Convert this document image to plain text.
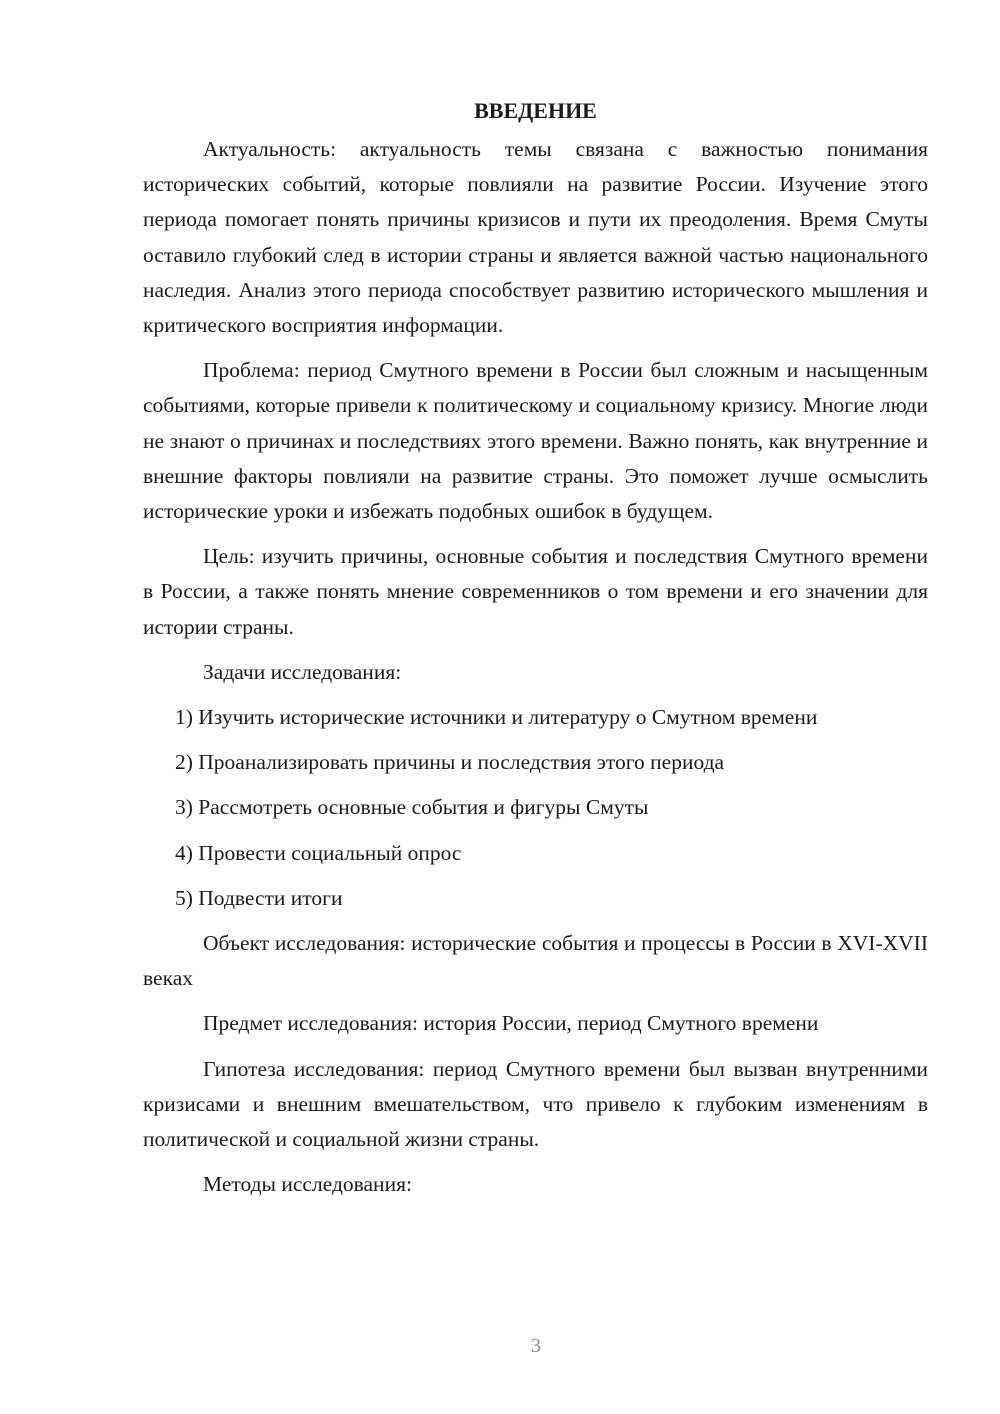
ВВЕДЕНИЕ

Актуальность: актуальность темы связана с важностью понимания исторических событий, которые повлияли на развитие России. Изучение этого периода помогает понять причины кризисов и пути их преодоления. Время Смуты оставило глубокий след в истории страны и является важной частью национального наследия. Анализ этого периода способствует развитию исторического мышления и критического восприятия информации.

Проблема: период Смутного времени в России был сложным и насыщенным событиями, которые привели к политическому и социальному кризису. Многие люди не знают о причинах и последствиях этого времени. Важно понять, как внутренние и внешние факторы повлияли на развитие страны. Это поможет лучше осмыслить исторические уроки и избежать подобных ошибок в будущем.

Цель: изучить причины, основные события и последствия Смутного времени в России, а также понять мнение современников о том времени и его значении для истории страны.

Задачи исследования:

1) Изучить исторические источники и литературу о Смутном времени
2) Проанализировать причины и последствия этого периода
3) Рассмотреть основные события и фигуры Смуты
4) Провести социальный опрос
5) Подвести итоги

Объект исследования: исторические события и процессы в России в XVI-XVII веках

Предмет исследования: история России, период Смутного времени

Гипотеза исследования: период Смутного времени был вызван внутренними кризисами и внешним вмешательством, что привело к глубоким изменениям в политической и социальной жизни страны.

Методы исследования:

3
